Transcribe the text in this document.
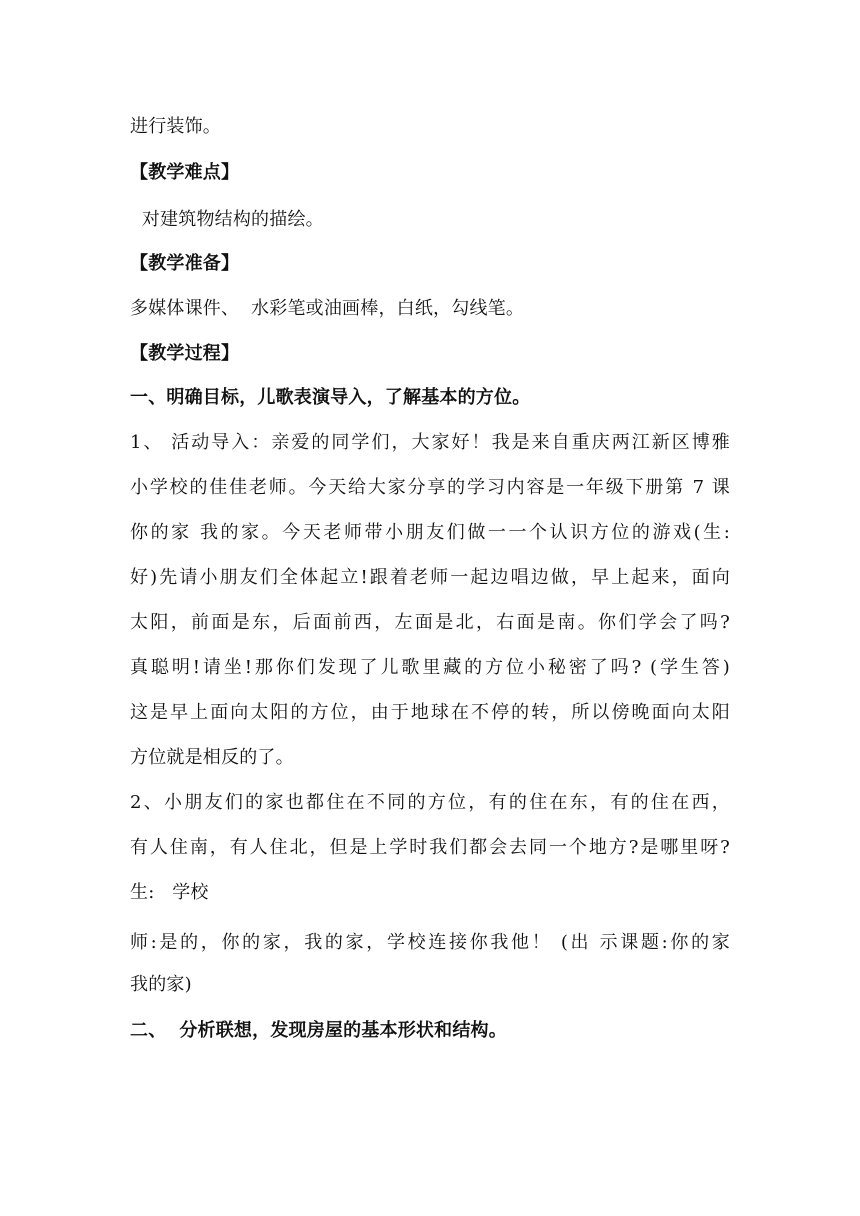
进行装饰。
【教学难点】
对建筑物结构的描绘。
【教学准备】
多媒体课件、  水彩笔或油画棒，白纸，勾线笔。
【教学过程】
一、明确目标，儿歌表演导入，了解基本的方位。
1、 活动导入：亲爱的同学们，大家好！我是来自重庆两江新区博雅
小学校的佳佳老师。今天给大家分享的学习内容是一年级下册第 7 课
你的家 我的家。今天老师带小朋友们做一一个认识方位的游戏(生:
好)先请小朋友们全体起立!跟着老师一起边唱边做，早上起来，面向
太阳，前面是东，后面前西，左面是北，右面是南。你们学会了吗?
真聪明!请坐!那你们发现了儿歌里藏的方位小秘密了吗? (学生答)
这是早上面向太阳的方位，由于地球在不停的转，所以傍晚面向太阳
方位就是相反的了。
2、小朋友们的家也都住在不同的方位，有的住在东，有的住在西，
有人住南，有人住北，但是上学时我们都会去同一个地方?是哪里呀?
生:   学校
师:是的，你的家，我的家，学校连接你我他！ (出 示课题:你的家
我的家)
二、  分析联想，发现房屋的基本形状和结构。
